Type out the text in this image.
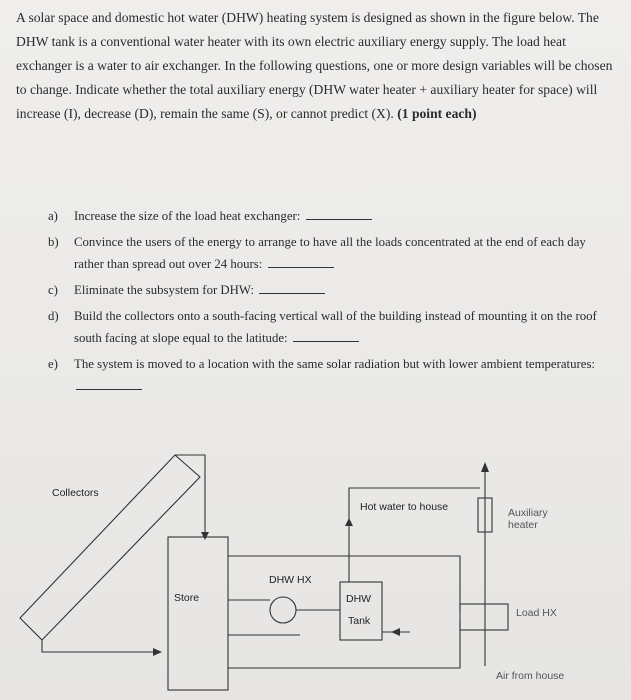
A solar space and domestic hot water (DHW) heating system is designed as shown in the figure below. The DHW tank is a conventional water heater with its own electric auxiliary energy supply. The load heat exchanger is a water to air exchanger. In the following questions, one or more design variables will be chosen to change. Indicate whether the total auxiliary energy (DHW water heater + auxiliary heater for space) will increase (I), decrease (D), remain the same (S), or cannot predict (X). (1 point each)

a) Increase the size of the load heat exchanger:
b) Convince the users of the energy to arrange to have all the loads concentrated at the end of each day rather than spread out over 24 hours:
c) Eliminate the subsystem for DHW:
d) Build the collectors onto a south-facing vertical wall of the building instead of mounting it on the roof south facing at slope equal to the latitude:
e) The system is moved to a location with the same solar radiation but with lower ambient temperatures:
Collectors
Hot water to house	Auxiliary
heater
DHW HX
Store	DHW
Tank
Load HX
Air from house
